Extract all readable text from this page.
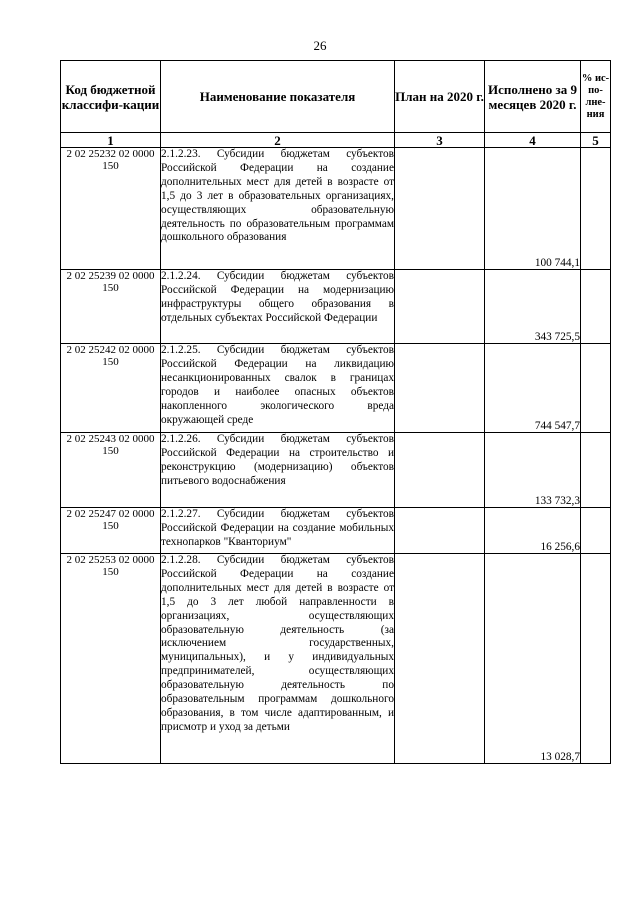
26
Код бюджетной классифи-кации	Наименование показателя	План на 2020 г.	Исполнено за 9 месяцев 2020 г.	% ис-по-лне-ния
1	2	3	4	5
2 02 25232 02 0000 150	2.1.2.23. Субсидии бюджетам субъектов Российской Федерации на создание дополнительных мест для детей в возрасте от 1,5 до 3 лет в образовательных организациях, осуществляющих образовательную деятельность по образовательным программам дошкольного образования		100 744,1	
2 02 25239 02 0000 150	2.1.2.24. Субсидии бюджетам субъектов Российской Федерации на модернизацию инфраструктуры общего образования в отдельных субъектах Российской Федерации		343 725,5	
2 02 25242 02 0000 150	2.1.2.25. Субсидии бюджетам субъектов Российской Федерации на ликвидацию несанкционированных свалок в границах городов и наиболее опасных объектов накопленного экологического вреда окружающей среде		744 547,7	
2 02 25243 02 0000 150	2.1.2.26. Субсидии бюджетам субъектов Российской Федерации на строительство и реконструкцию (модернизацию) объектов питьевого водоснабжения		133 732,3	
2 02 25247 02 0000 150	2.1.2.27. Субсидии бюджетам субъектов Российской Федерации на создание мобильных технопарков "Кванториум"		16 256,6	
2 02 25253 02 0000 150	2.1.2.28. Субсидии бюджетам субъектов Российской Федерации на создание дополнительных мест для детей в возрасте от 1,5 до 3 лет любой направленности в организациях, осуществляющих образовательную деятельность (за исключением государственных, муниципальных), и у индивидуальных предпринимателей, осуществляющих образовательную деятельность по образовательным программам дошкольного образования, в том числе адаптированным, и присмотр и уход за детьми		13 028,7	
